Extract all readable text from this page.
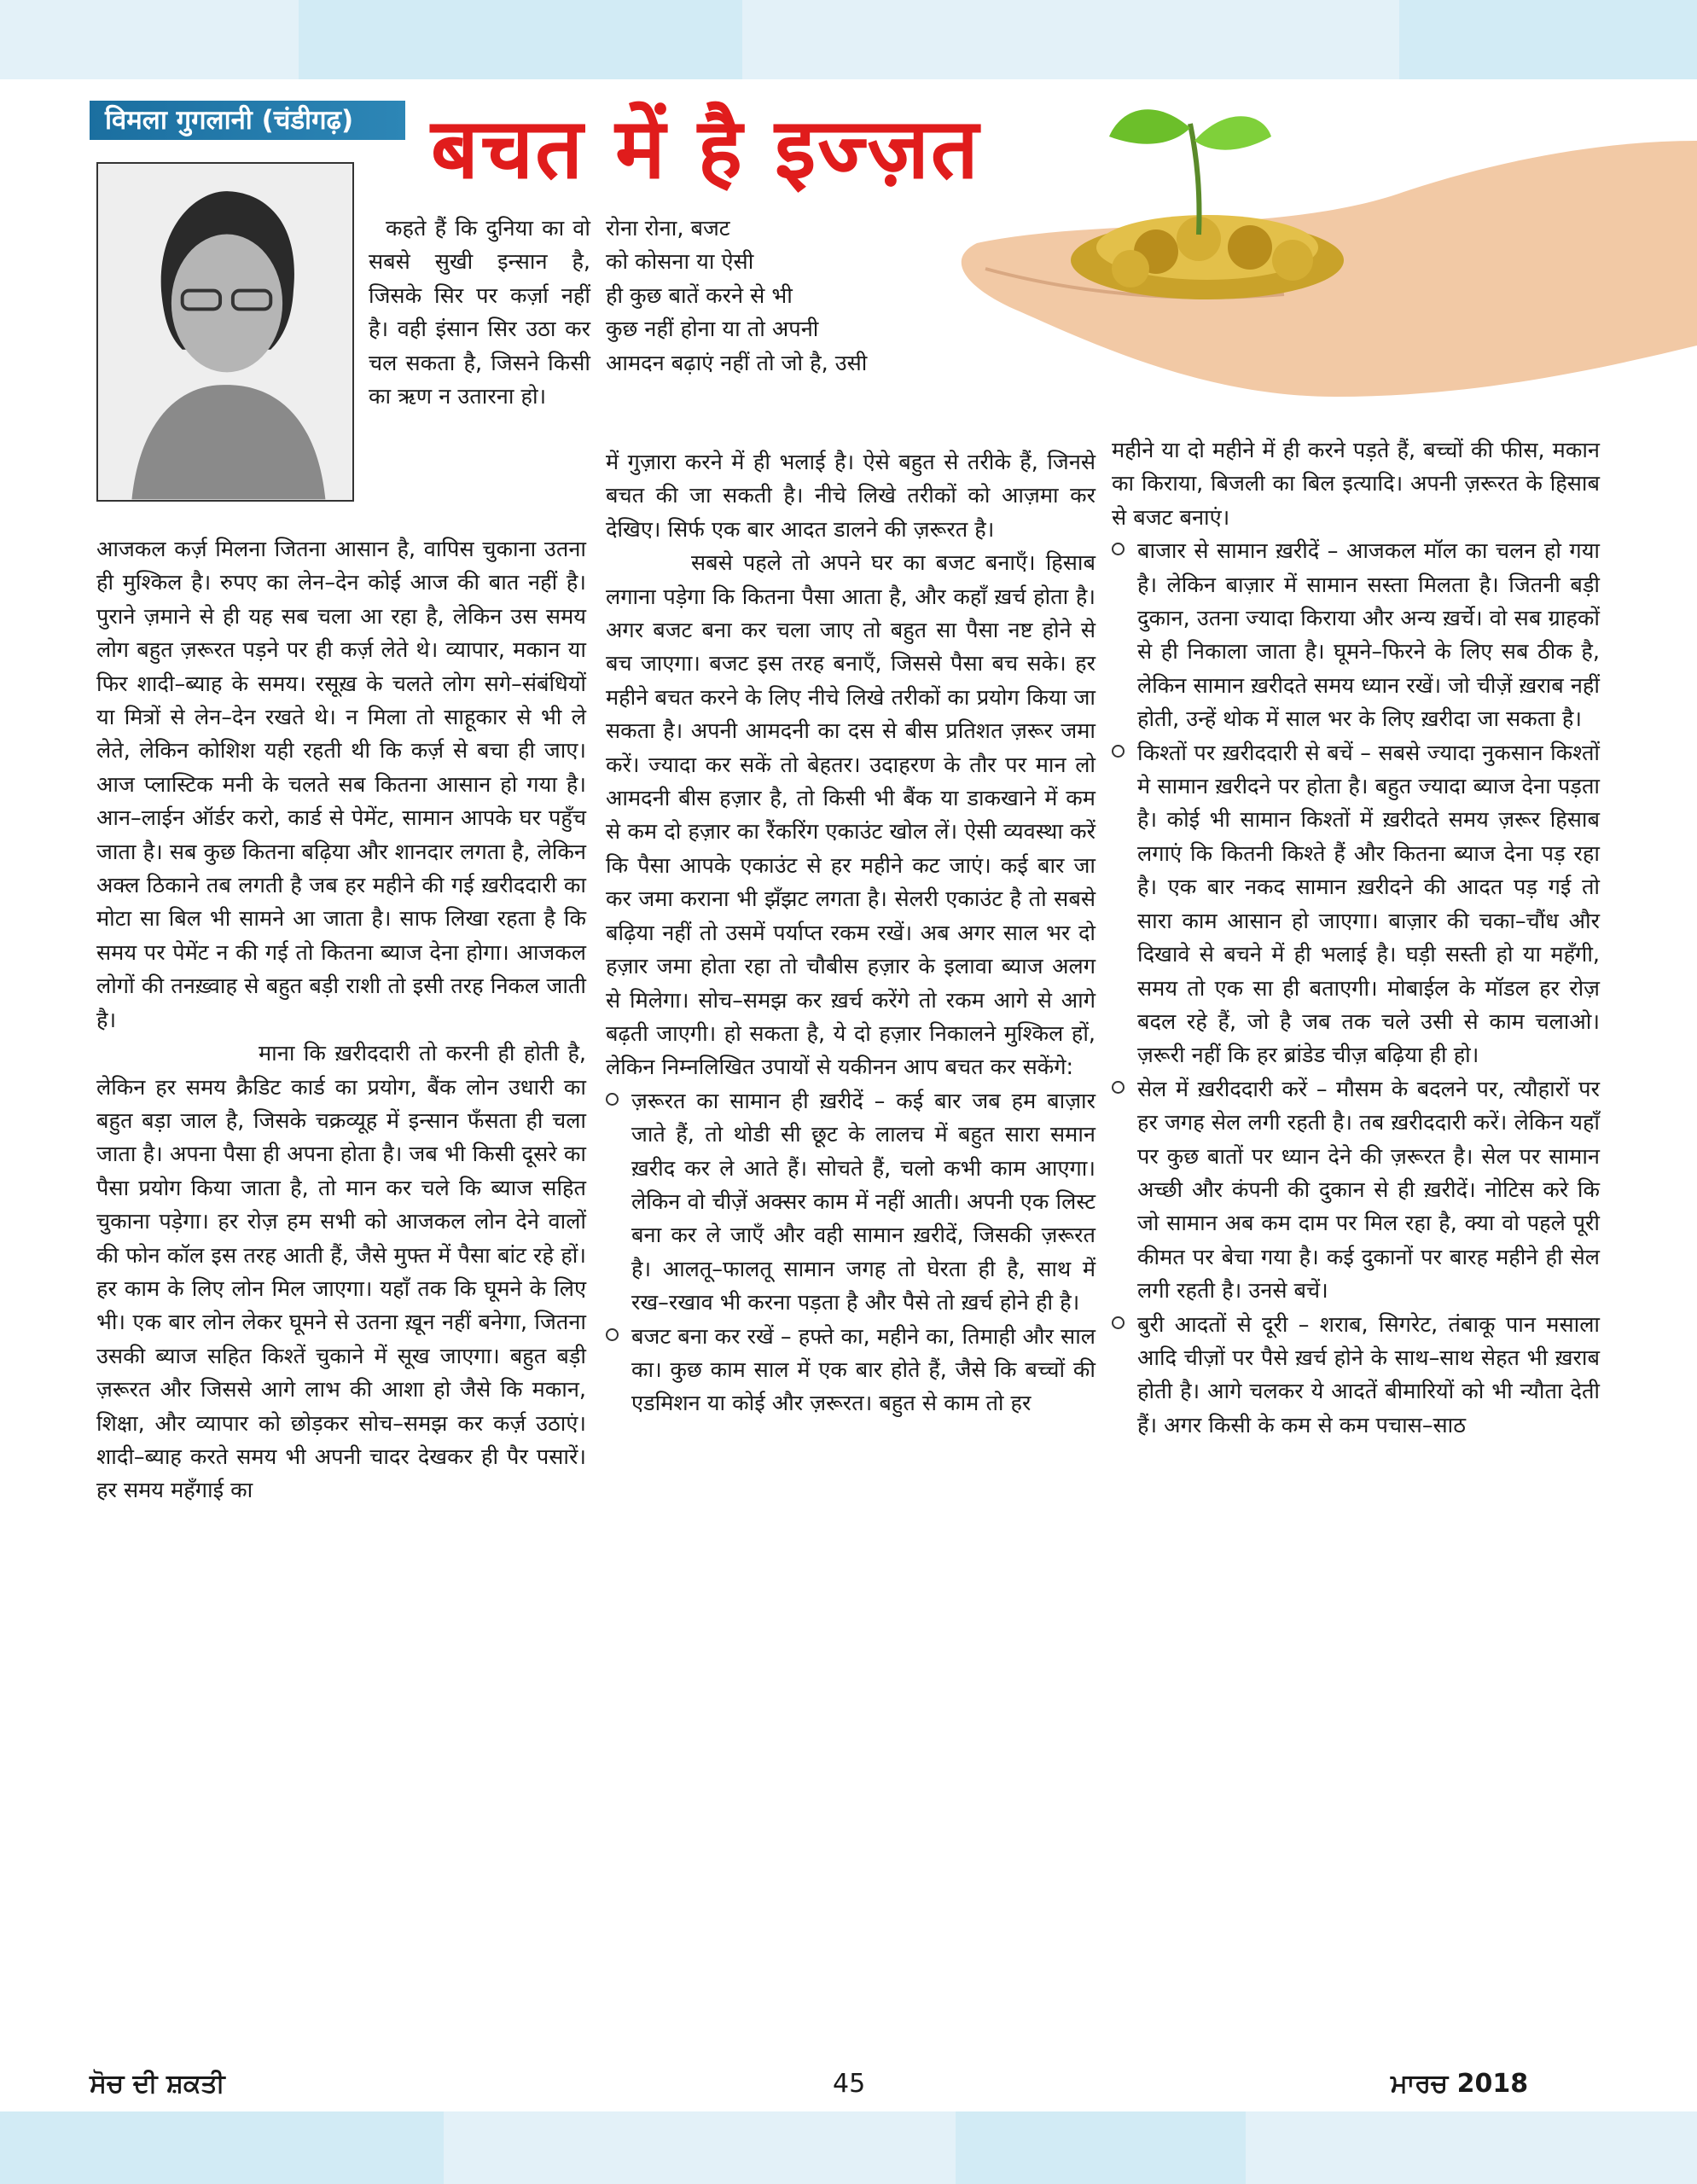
विमला गुगलानी (चंडीगढ़) बचत में है इज्ज़त

कहते हैं कि दुनिया का वो सबसे सुखी इन्सान है, जिसके सिर पर कर्ज़ा नहीं है। वही इंसान सिर उठा कर चल सकता है, जिसने किसी का ऋण न उतारना हो।

आजकल कर्ज़ मिलना जितना आसान है, वापिस चुकाना उतना ही मुश्किल है। रुपए का लेन–देन कोई आज की बात नहीं है। पुराने ज़माने से ही यह सब चला आ रहा है, लेकिन उस समय लोग बहुत ज़रूरत पड़ने पर ही कर्ज़ लेते थे। व्यापार, मकान या फिर शादी–ब्याह के समय। रसूख़ के चलते लोग सगे–संबंधियों या मित्रों से लेन–देन रखते थे। न मिला तो साहूकार से भी ले लेते, लेकिन कोशिश यही रहती थी कि कर्ज़ से बचा ही जाए। आज प्लास्टिक मनी के चलते सब कितना आसान हो गया है। आन–लाईन ऑर्डर करो, कार्ड से पेमेंट, सामान आपके घर पहुँच जाता है। सब कुछ कितना बढ़िया और शानदार लगता है, लेकिन अक्ल ठिकाने तब लगती है जब हर महीने की गई ख़रीददारी का मोटा सा बिल भी सामने आ जाता है। साफ लिखा रहता है कि समय पर पेमेंट न की गई तो कितना ब्याज देना होगा। आजकल लोगों की तनख़्वाह से बहुत बड़ी राशी तो इसी तरह निकल जाती है।

माना कि ख़रीददारी तो करनी ही होती है, लेकिन हर समय क्रैडिट कार्ड का प्रयोग, बैंक लोन उधारी का बहुत बड़ा जाल है, जिसके चक्रव्यूह में इन्सान फँसता ही चला जाता है। अपना पैसा ही अपना होता है। जब भी किसी दूसरे का पैसा प्रयोग किया जाता है, तो मान कर चले कि ब्याज सहित चुकाना पड़ेगा। हर रोज़ हम सभी को आजकल लोन देने वालों की फोन कॉल इस तरह आती हैं, जैसे मुफ्त में पैसा बांट रहे हों। हर काम के लिए लोन मिल जाएगा। यहाँ तक कि घूमने के लिए भी। एक बार लोन लेकर घूमने से उतना ख़ून नहीं बनेगा, जितना उसकी ब्याज सहित किश्तें चुकाने में सूख जाएगा। बहुत बड़ी ज़रूरत और जिससे आगे लाभ की आशा हो जैसे कि मकान, शिक्षा, और व्यापार को छोड़कर सोच–समझ कर कर्ज़ उठाएं। शादी–ब्याह करते समय भी अपनी चादर देखकर ही पैर पसारें। हर समय महँगाई का

रोना रोना, बजट
को कोसना या ऐसी
ही कुछ बातें करने से भी
कुछ नहीं होना या तो अपनी
आमदन बढ़ाएं नहीं तो जो है, उसी

में गुज़ारा करने में ही भलाई है। ऐसे बहुत से तरीके हैं, जिनसे बचत की जा सकती है। नीचे लिखे तरीकों को आज़मा कर देखिए। सिर्फ एक बार आदत डालने की ज़रूरत है।

सबसे पहले तो अपने घर का बजट बनाएँ। हिसाब लगाना पड़ेगा कि कितना पैसा आता है, और कहाँ ख़र्च होता है। अगर बजट बना कर चला जाए तो बहुत सा पैसा नष्ट होने से बच जाएगा। बजट इस तरह बनाएँ, जिससे पैसा बच सके। हर महीने बचत करने के लिए नीचे लिखे तरीकों का प्रयोग किया जा सकता है। अपनी आमदनी का दस से बीस प्रतिशत ज़रूर जमा करें। ज्यादा कर सकें तो बेहतर। उदाहरण के तौर पर मान लो आमदनी बीस हज़ार है, तो किसी भी बैंक या डाकखाने में कम से कम दो हज़ार का रैंकरिंग एकाउंट खोल लें। ऐसी व्यवस्था करें कि पैसा आपके एकाउंट से हर महीने कट जाएं। कई बार जा कर जमा कराना भी झँझट लगता है। सेलरी एकाउंट है तो सबसे बढ़िया नहीं तो उसमें पर्याप्त रकम रखें। अब अगर साल भर दो हज़ार जमा होता रहा तो चौबीस हज़ार के इलावा ब्याज अलग से मिलेगा। सोच–समझ कर ख़र्च करेंगे तो रकम आगे से आगे बढ़ती जाएगी। हो सकता है, ये दो हज़ार निकालने मुश्किल हों, लेकिन निम्नलिखित उपायों से यकीनन आप बचत कर सकेंगे:

ज़रूरत का सामान ही ख़रीदें – कई बार जब हम बाज़ार जाते हैं, तो थोडी सी छूट के लालच में बहुत सारा समान ख़रीद कर ले आते हैं। सोचते हैं, चलो कभी काम आएगा। लेकिन वो चीज़ें अक्सर काम में नहीं आती। अपनी एक लिस्ट बना कर ले जाएँ और वही सामान ख़रीदें, जिसकी ज़रूरत है। आलतू–फालतू सामान जगह तो घेरता ही है, साथ में रख–रखाव भी करना पड़ता है और पैसे तो ख़र्च होने ही है।

बजट बना कर रखें – हफ्ते का, महीने का, तिमाही और साल का। कुछ काम साल में एक बार होते हैं, जैसे कि बच्चों की एडमिशन या कोई और ज़रूरत। बहुत से काम तो हर

महीने या दो महीने में ही करने पड़ते हैं, बच्चों की फीस, मकान का किराया, बिजली का बिल इत्यादि। अपनी ज़रूरत के हिसाब से बजट बनाएं।

बाजार से सामान ख़रीदें – आजकल मॉल का चलन हो गया है। लेकिन बाज़ार में सामान सस्ता मिलता है। जितनी बड़ी दुकान, उतना ज्यादा किराया और अन्य ख़र्चे। वो सब ग्राहकों से ही निकाला जाता है। घूमने–फिरने के लिए सब ठीक है, लेकिन सामान ख़रीदते समय ध्यान रखें। जो चीज़ें ख़राब नहीं होती, उन्हें थोक में साल भर के लिए ख़रीदा जा सकता है।

किश्तों पर ख़रीददारी से बचें – सबसे ज्यादा नुकसान किश्तों मे सामान ख़रीदने पर होता है। बहुत ज्यादा ब्याज देना पड़ता है। कोई भी सामान किश्तों में ख़रीदते समय ज़रूर हिसाब लगाएं कि कितनी किश्ते हैं और कितना ब्याज देना पड़ रहा है। एक बार नकद सामान ख़रीदने की आदत पड़ गई तो सारा काम आसान हो जाएगा। बाज़ार की चका–चौंध और दिखावे से बचने में ही भलाई है। घड़ी सस्ती हो या महँगी, समय तो एक सा ही बताएगी। मोबाईल के मॉडल हर रोज़ बदल रहे हैं, जो है जब तक चले उसी से काम चलाओ। ज़रूरी नहीं कि हर ब्रांडेड चीज़ बढ़िया ही हो।

सेल में ख़रीददारी करें – मौसम के बदलने पर, त्यौहारों पर हर जगह सेल लगी रहती है। तब ख़रीददारी करें। लेकिन यहाँ पर कुछ बातों पर ध्यान देने की ज़रूरत है। सेल पर सामान अच्छी और कंपनी की दुकान से ही ख़रीदें। नोटिस करे कि जो सामान अब कम दाम पर मिल रहा है, क्या वो पहले पूरी कीमत पर बेचा गया है। कई दुकानों पर बारह महीने ही सेल लगी रहती है। उनसे बचें।

बुरी आदतों से दूरी – शराब, सिगरेट, तंबाकू पान मसाला आदि चीज़ों पर पैसे ख़र्च होने के साथ–साथ सेहत भी ख़राब होती है। आगे चलकर ये आदतें बीमारियों को भी न्यौता देती हैं। अगर किसी के कम से कम पचास–साठ

ਸੋਚ ਦੀ ਸ਼ਕਤੀ	45	ਮਾਰਚ 2018
